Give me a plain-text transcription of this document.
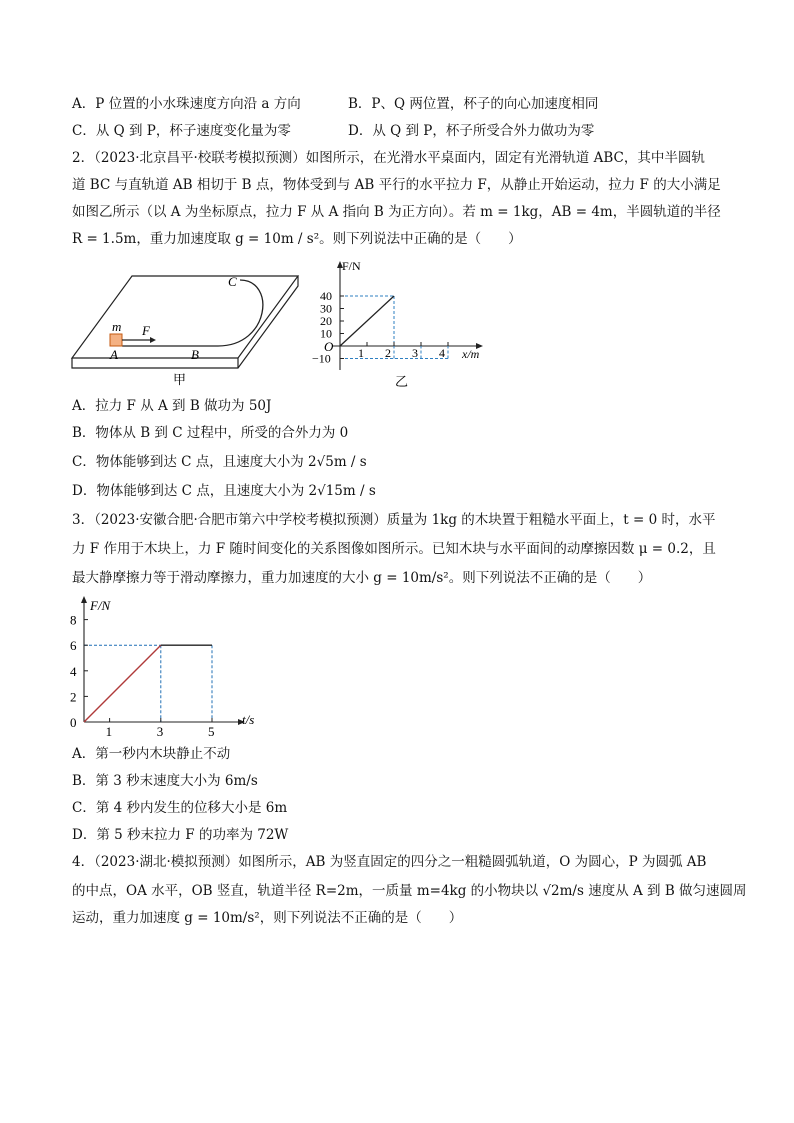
A．P 位置的小水珠速度方向沿 a 方向	B．P、Q 两位置，杯子的向心加速度相同
C．从 Q 到 P，杯子速度变化量为零	D．从 Q 到 P，杯子所受合外力做功为零
2．（2023·北京昌平·校联考模拟预测）如图所示，在光滑水平桌面内，固定有光滑轨道 ABC，其中半圆轨
道 BC 与直轨道 AB 相切于 B 点，物体受到与 AB 平行的水平拉力 F，从静止开始运动，拉力 F 的大小满足
如图乙所示（以 A 为坐标原点，拉力 F 从 A 指向 B 为正方向）。若 m = 1kg，AB = 4m，半圆轨道的半径
R = 1.5m，重力加速度取 g = 10m / s²。则下列说法中正确的是（　　）
m F
A	B
C
甲
F/N
x/m
O 1 2 3 4
40
30
20
10
−10
乙
A．拉力 F 从 A 到 B 做功为 50J
B．物体从 B 到 C 过程中，所受的合外力为 0
C．物体能够到达 C 点，且速度大小为 2√5m / s
D．物体能够到达 C 点，且速度大小为 2√15m / s
3．（2023·安徽合肥·合肥市第六中学校考模拟预测）质量为 1kg 的木块置于粗糙水平面上，t = 0 时，水平
力 F 作用于木块上，力 F 随时间变化的关系图像如图所示。已知木块与水平面间的动摩擦因数 μ = 0.2，且
最大静摩擦力等于滑动摩擦力，重力加速度的大小 g = 10m/s²。则下列说法不正确的是（　　）
F/N
t/s
8
6
4
2
0
1	3	5
A．第一秒内木块静止不动
B．第 3 秒末速度大小为 6m/s
C．第 4 秒内发生的位移大小是 6m
D．第 5 秒末拉力 F 的功率为 72W
4．（2023·湖北·模拟预测）如图所示，AB 为竖直固定的四分之一粗糙圆弧轨道，O 为圆心，P 为圆弧 AB
的中点，OA 水平，OB 竖直，轨道半径 R=2m，一质量 m=4kg 的小物块以 √2m/s 速度从 A 到 B 做匀速圆周
运动，重力加速度 g = 10m/s²，则下列说法不正确的是（　　）
